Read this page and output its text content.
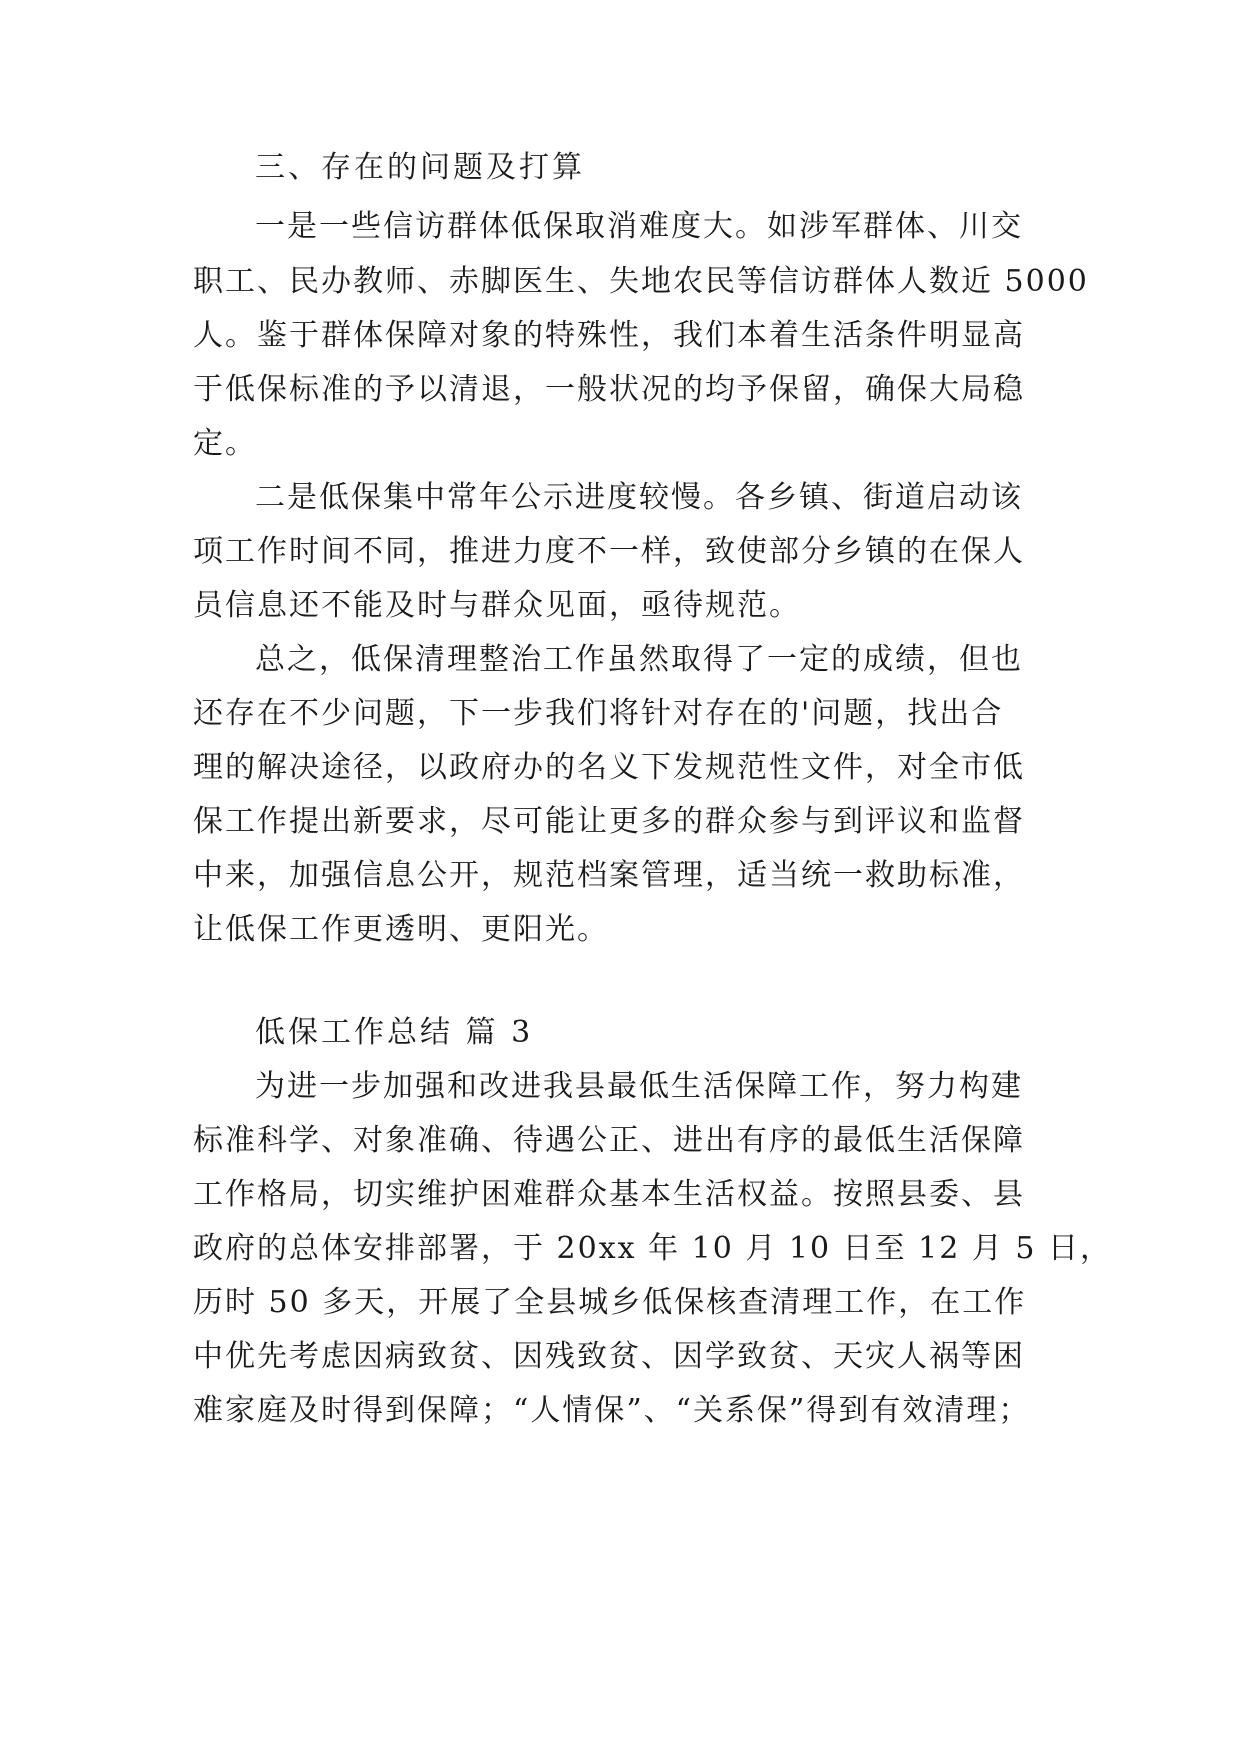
三、存在的问题及打算
一是一些信访群体低保取消难度大。如涉军群体、川交
职工、民办教师、赤脚医生、失地农民等信访群体人数近 5000
人。鉴于群体保障对象的特殊性，我们本着生活条件明显高
于低保标准的予以清退，一般状况的均予保留，确保大局稳
定。
二是低保集中常年公示进度较慢。各乡镇、街道启动该
项工作时间不同，推进力度不一样，致使部分乡镇的在保人
员信息还不能及时与群众见面，亟待规范。
总之，低保清理整治工作虽然取得了一定的成绩，但也
还存在不少问题，下一步我们将针对存在的'问题，找出合
理的解决途径，以政府办的名义下发规范性文件，对全市低
保工作提出新要求，尽可能让更多的群众参与到评议和监督
中来，加强信息公开，规范档案管理，适当统一救助标准，
让低保工作更透明、更阳光。
低保工作总结 篇 3
为进一步加强和改进我县最低生活保障工作，努力构建
标准科学、对象准确、待遇公正、进出有序的最低生活保障
工作格局，切实维护困难群众基本生活权益。按照县委、县
政府的总体安排部署，于 20xx 年 10 月 10 日至 12 月 5 日，
历时 50 多天，开展了全县城乡低保核查清理工作，在工作
中优先考虑因病致贫、因残致贫、因学致贫、天灾人祸等困
难家庭及时得到保障；“人情保”、“关系保”得到有效清理；
